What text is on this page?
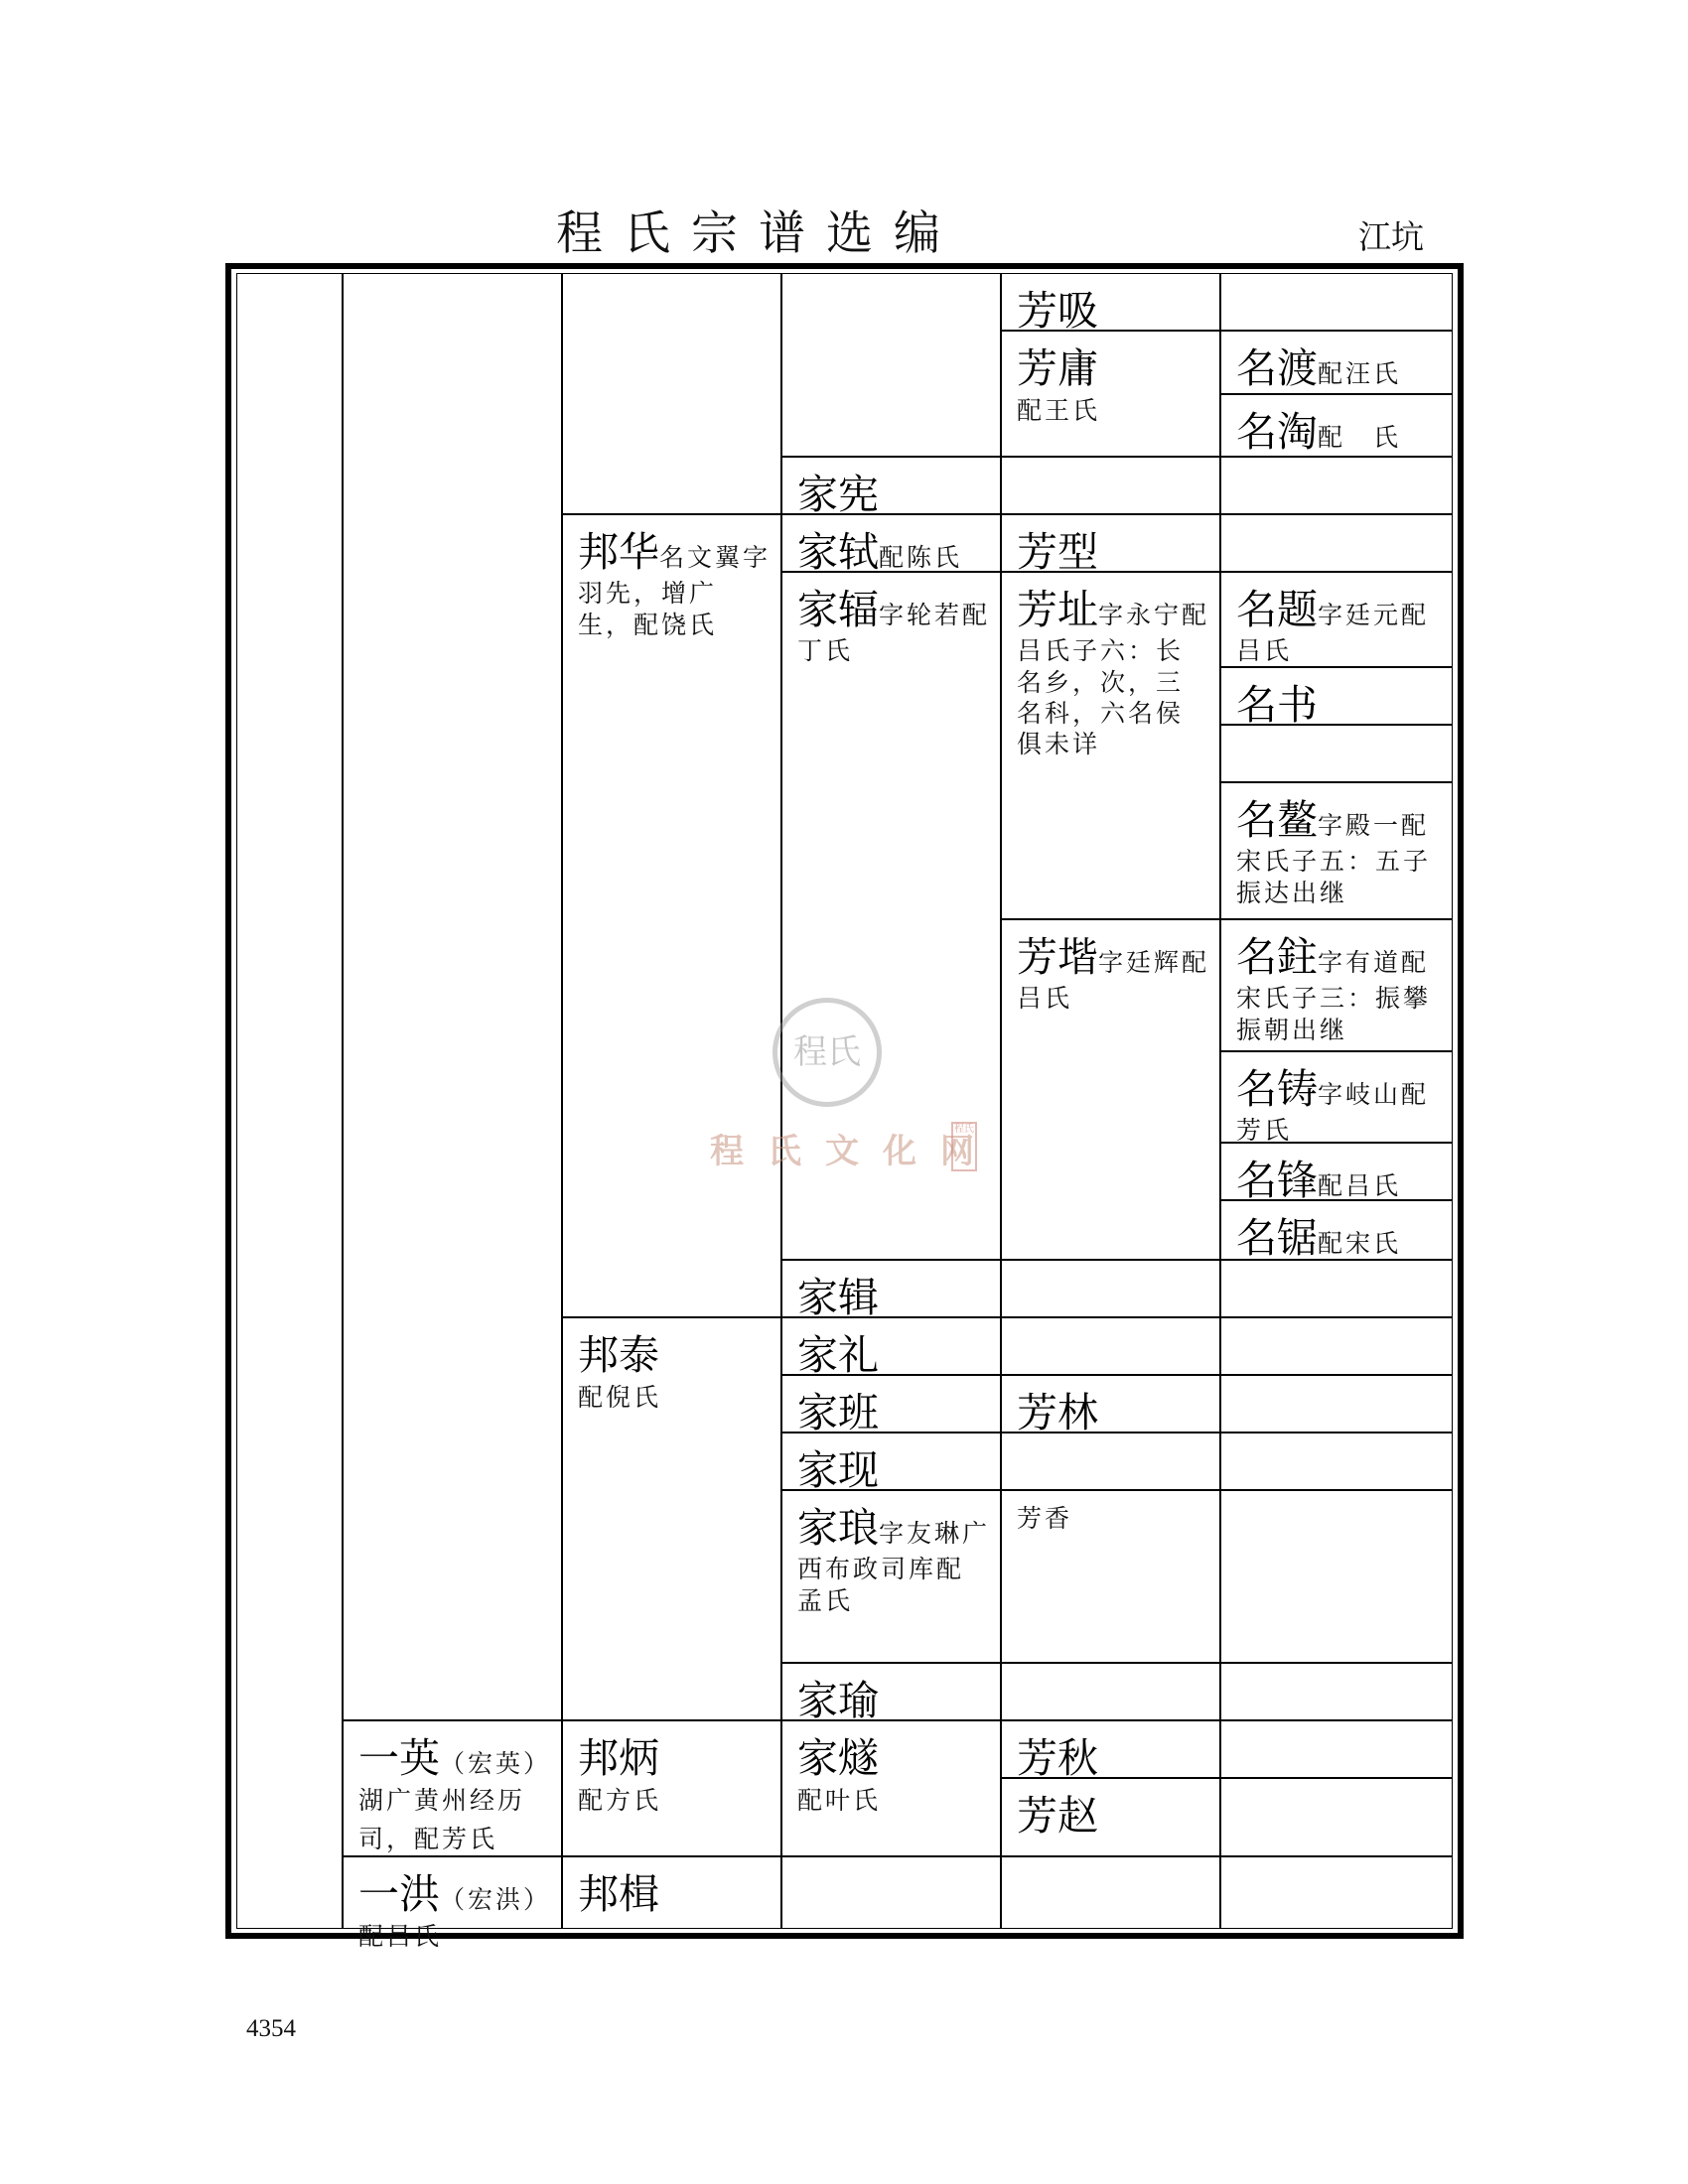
程氏宗谱选编	江坑
一英（宏英）
湖广黄州经历司，配芳氏
一洪（宏洪）
配吕氏
邦华名文翼字羽先，增广生，配饶氏
邦泰
配倪氏
邦炳
配方氏
邦楫
家宪
家轼配陈氏
家辐字轮若配丁氏
家辑
家礼
家班
家现
家琅字友琳广西布政司库配孟氏
家瑜
家燧
配叶氏
芳吸
芳庸
配王氏
芳型
芳址字永宁配吕氏子六：长名乡，次，三名科，六名侯俱未详
芳堦字廷辉配吕氏
芳林
芳香
芳秋
芳赵
名渡配汪氏
名淘配　氏
名题字廷元配吕氏
名书
名鳌字殿一配宋氏子五：五子振达出继
名鉒字有道配宋氏子三：振攀振朝出继
名铸字岐山配芳氏
名锋配吕氏
名锯配宋氏
程氏
程氏文化网
程氏
4354
